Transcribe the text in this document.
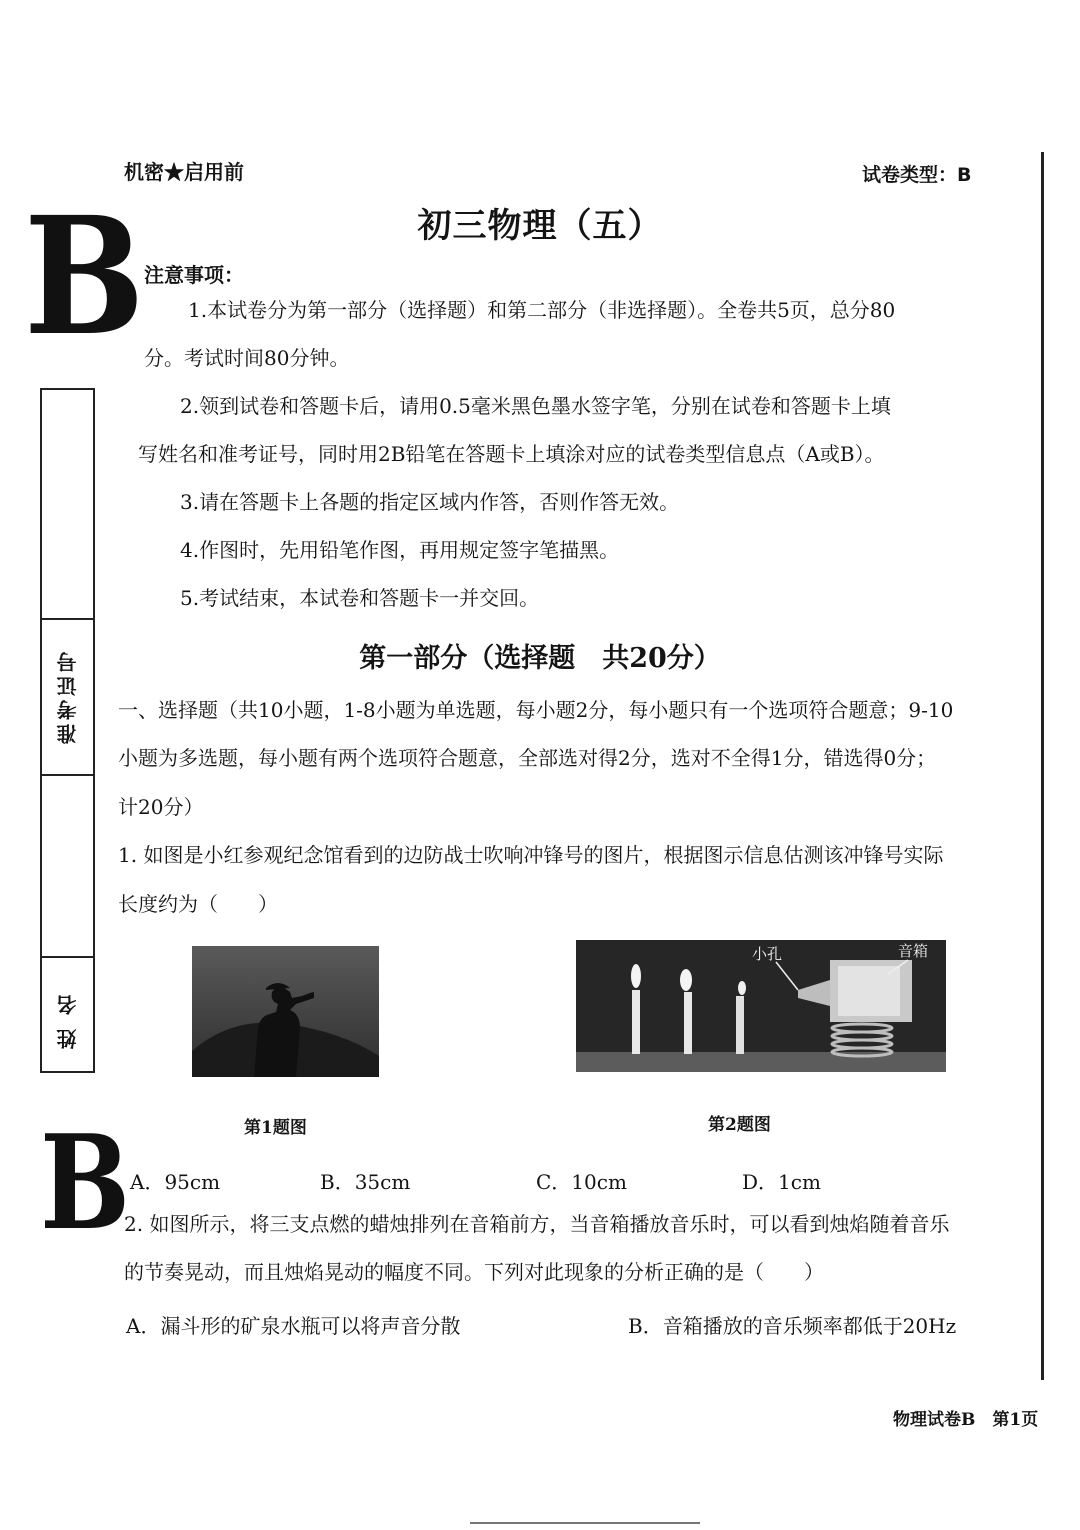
机密★启用前	试卷类型：B
初三物理（五）
B
B
准考证号
姓名
注意事项：
1.本试卷分为第一部分（选择题）和第二部分（非选择题）。全卷共5页，总分80
分。考试时间80分钟。
2.领到试卷和答题卡后，请用0.5毫米黑色墨水签字笔，分别在试卷和答题卡上填
写姓名和准考证号，同时用2B铅笔在答题卡上填涂对应的试卷类型信息点（A或B）。
3.请在答题卡上各题的指定区域内作答，否则作答无效。
4.作图时，先用铅笔作图，再用规定签字笔描黑。
5.考试结束，本试卷和答题卡一并交回。
第一部分（选择题　共20分）
一、选择题（共10小题，1-8小题为单选题，每小题2分，每小题只有一个选项符合题意；9-10
小题为多选题，每小题有两个选项符合题意，全部选对得2分，选对不全得1分，错选得0分；
计20分）
1. 如图是小红参观纪念馆看到的边防战士吹响冲锋号的图片，根据图示信息估测该冲锋号实际
长度约为（　　）
第1题图
小孔	音箱
第2题图
A．95cm	B．35cm	C．10cm	D．1cm
2. 如图所示，将三支点燃的蜡烛排列在音箱前方，当音箱播放音乐时，可以看到烛焰随着音乐
的节奏晃动，而且烛焰晃动的幅度不同。下列对此现象的分析正确的是（　　）
A．漏斗形的矿泉水瓶可以将声音分散	B．音箱播放的音乐频率都低于20Hz
物理试卷B　第1页
